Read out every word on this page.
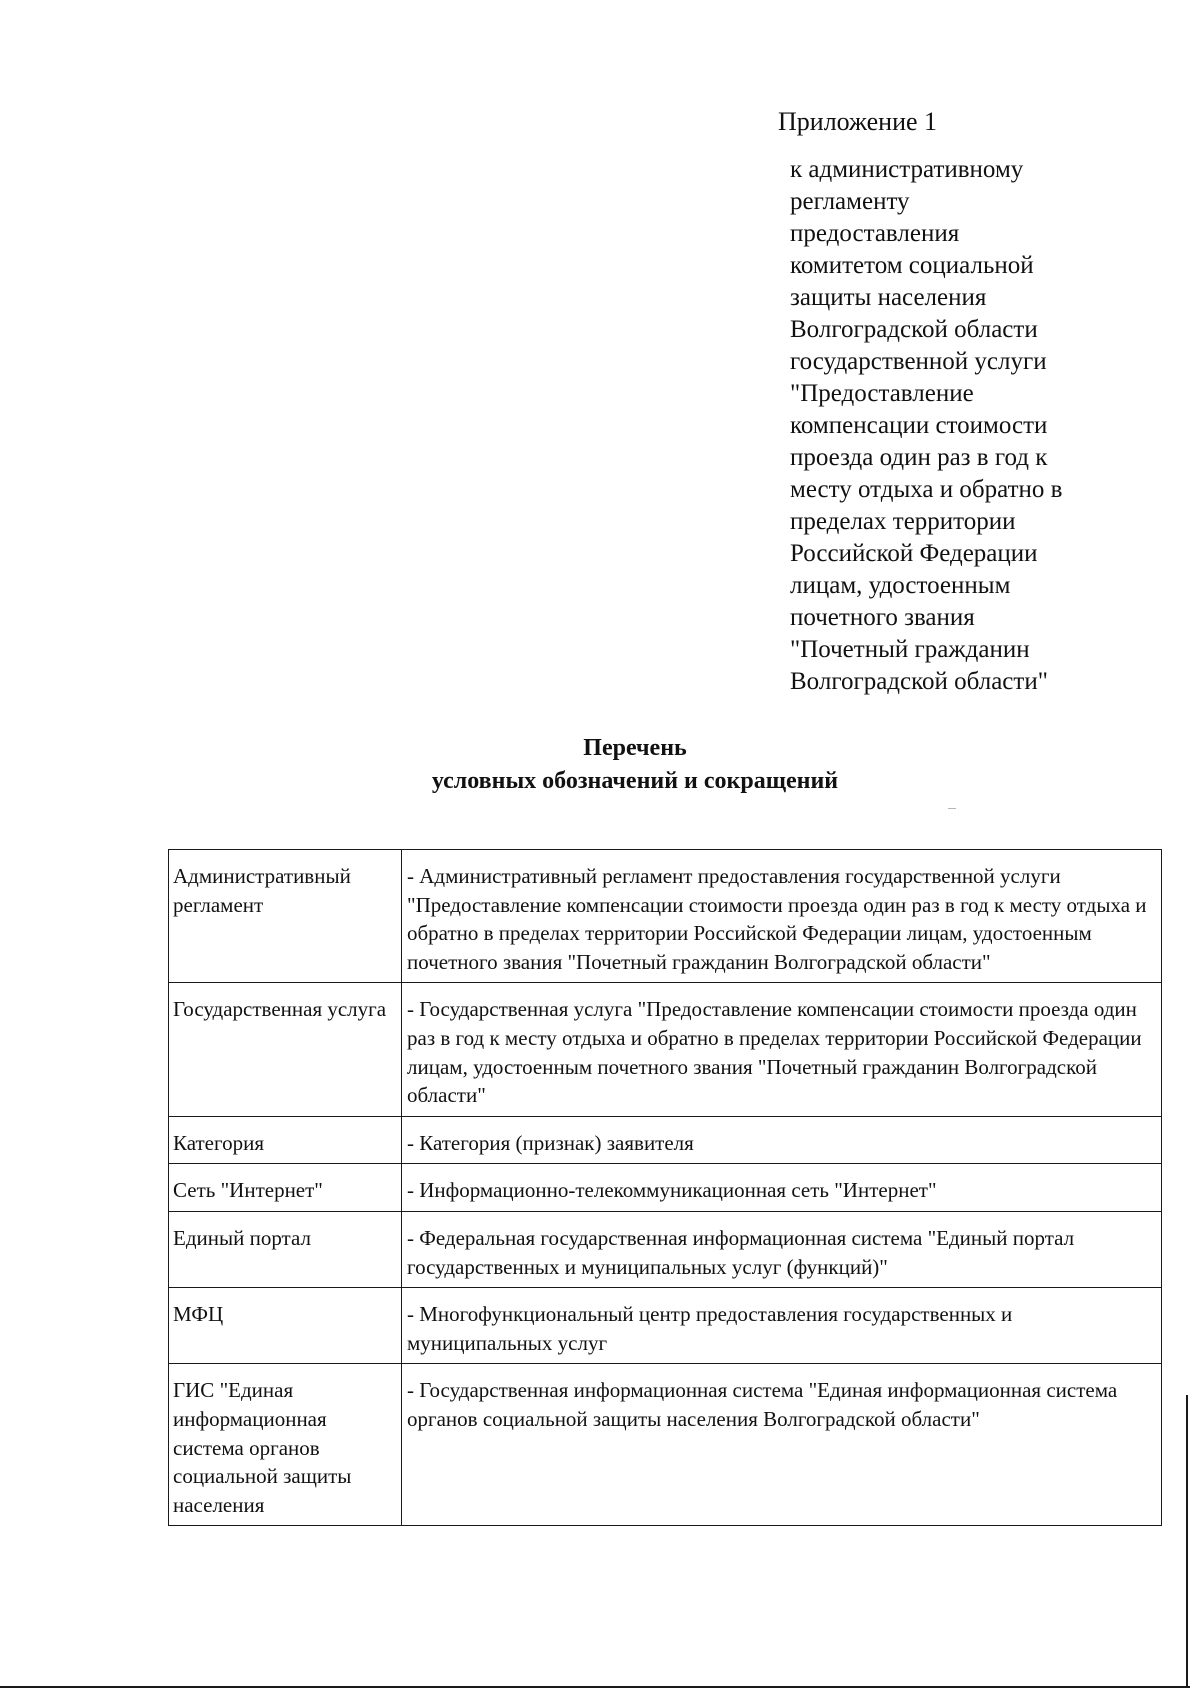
Приложение 1

к административному
регламенту
предоставления
комитетом социальной
защиты населения
Волгоградской области
государственной услуги
"Предоставление
компенсации стоимости
проезда один раз в год к
месту отдыха и обратно в
пределах территории
Российской Федерации
лицам, удостоенным
почетного звания
"Почетный гражданин
Волгоградской области"
Перечень
условных обозначений и сокращений
Административный регламент	- Административный регламент предоставления государственной услуги "Предоставление компенсации стоимости проезда один раз в год к месту отдыха и обратно в пределах территории Российской Федерации лицам, удостоенным почетного звания "Почетный гражданин Волгоградской области"
Государственная услуга	- Государственная услуга "Предоставление компенсации стоимости проезда один раз в год к месту отдыха и обратно в пределах территории Российской Федерации лицам, удостоенным почетного звания "Почетный гражданин Волгоградской области"
Категория	- Категория (признак) заявителя
Сеть "Интернет"	- Информационно-телекоммуникационная сеть "Интернет"
Единый портал	- Федеральная государственная информационная система "Единый портал государственных и муниципальных услуг (функций)"
МФЦ	- Многофункциональный центр предоставления государственных и муниципальных услуг
ГИС "Единая информационная система органов социальной защиты населения	- Государственная информационная система "Единая информационная система органов социальной защиты населения Волгоградской области"
